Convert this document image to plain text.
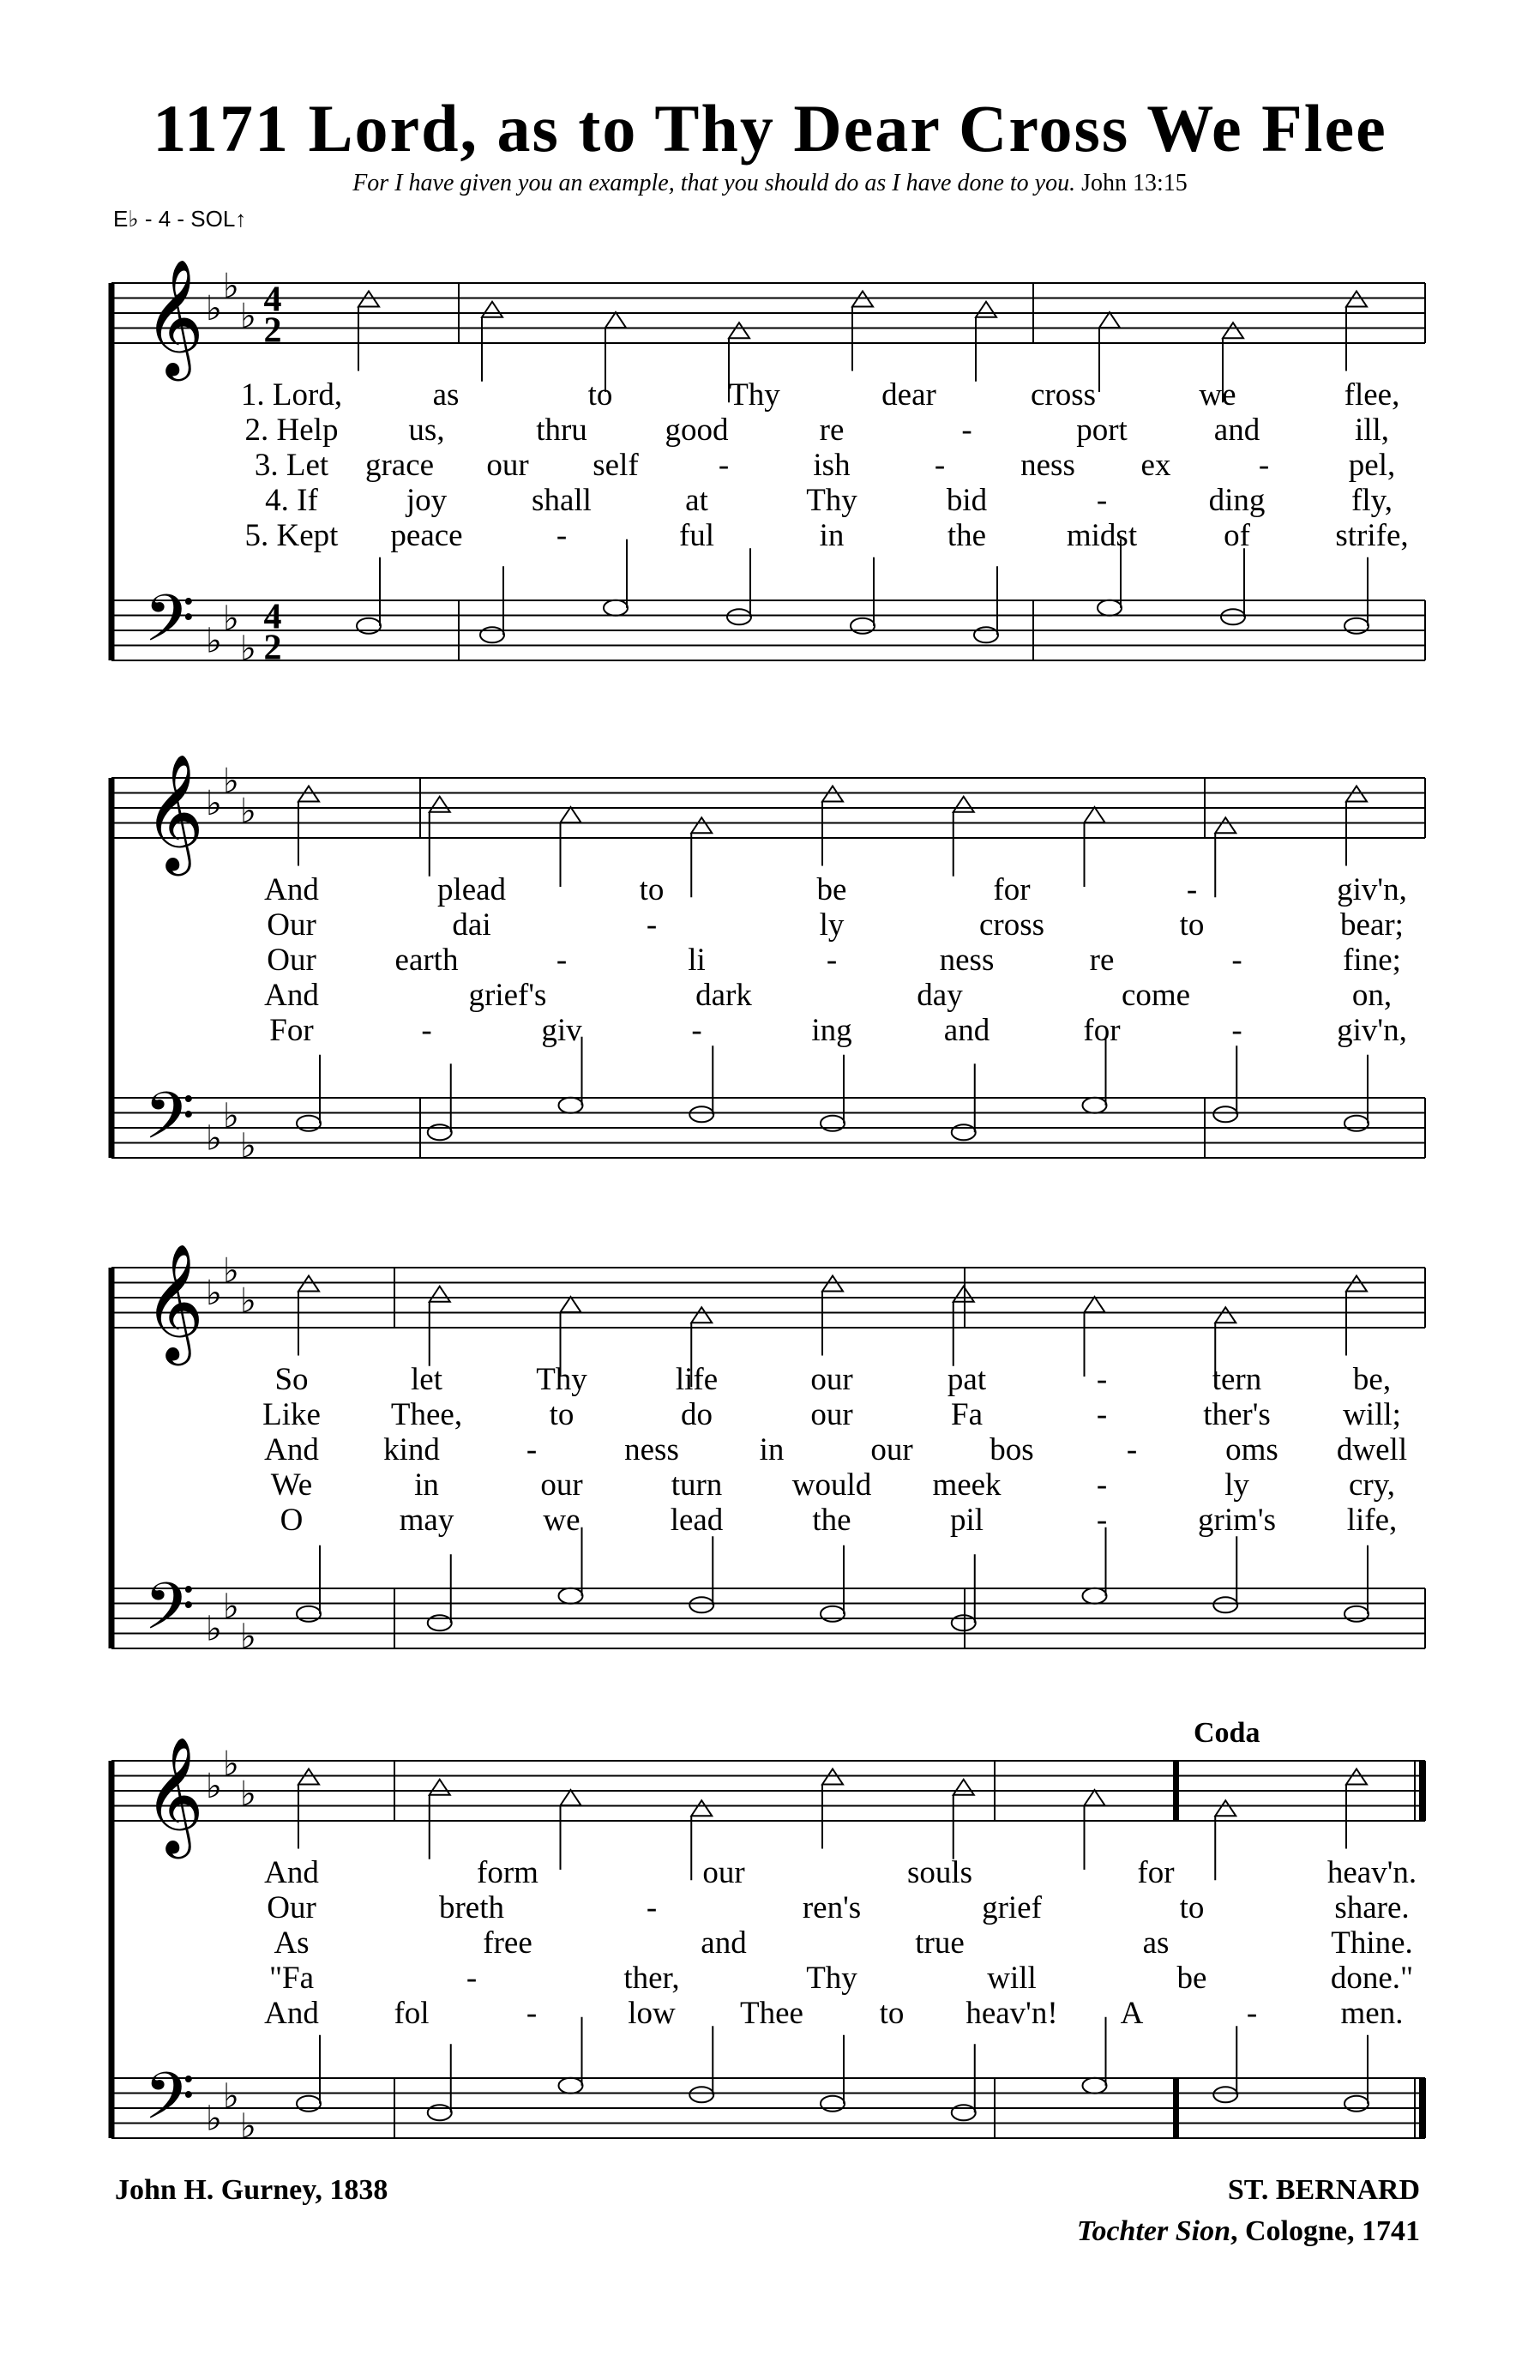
1171 Lord, as to Thy Dear Cross We Flee
For I have given you an example, that you should do as I have done to you. John 13:15
E♭ - 4 - SOL↑
𝄞
𝄢
♭
♭
♭
♭
♭
♭
4
2
4
2
1. Lord,	as	to	Thy	dear	cross	we	flee,
2. Help us,	thru good	re	-	port	and	ill,
3. Let grace our self	-	ish	- ness ex	-	pel,
4. If	joy	shall	at	Thy	bid	-	ding	fly,
5. Kept peace	-	ful	in	the	midst	of	strife,
𝄞
𝄢
♭
♭
♭
♭
♭
♭
And	plead	to	be	for	-	giv'n,
Our	dai	-	ly	cross	to	bear;
Our earth	-	li	-	ness	re	-	fine;
And	grief's	dark	day	come	on,
For	-	giv	-	ing	and	for	-	giv'n,
𝄞
𝄢
♭
♭
♭
♭
♭
♭
So	let	Thy	life	our	pat	-	tern	be,
Like Thee,	to	do	our	Fa	-	ther's will;
And kind	-	ness	in	our bos	-	oms dwell
We	in	our	turn would meek	-	ly	cry,
O	may	we	lead	the	pil	-	grim's life,
Coda
𝄞
𝄢
♭
♭
♭
♭
♭
♭
And	form	our	souls	for	heav'n.
Our	breth	-	ren's	grief	to	share.
As	free	and	true	as	Thine.
"Fa	-	ther,	Thy	will	be	done."
And fol	-	low Thee to heav'n! A	-	men.
John H. Gurney, 1838	ST. BERNARD
Tochter Sion, Cologne, 1741
